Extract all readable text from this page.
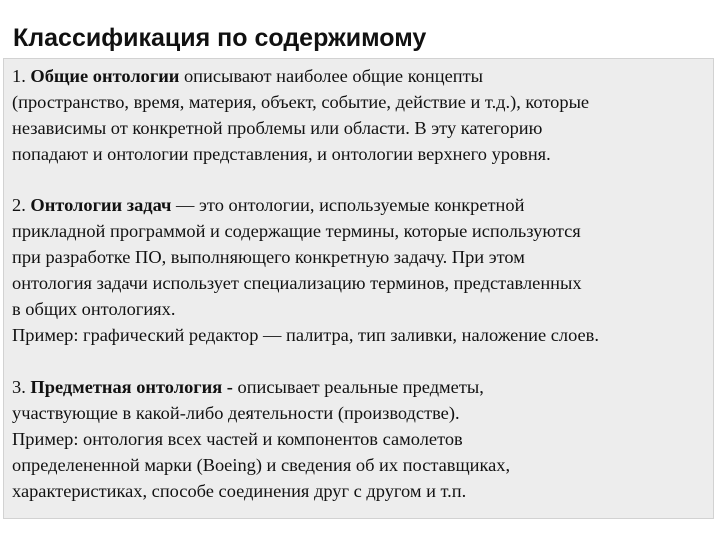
Классификация по содержимому

1. Общие онтологии описывают наиболее общие концепты
(пространство, время, материя, объект, событие, действие и т.д.), которые
независимы от конкретной проблемы или области. В эту категорию
попадают и онтологии представления, и онтологии верхнего уровня.

2. Онтологии задач — это онтологии, используемые конкретной
прикладной программой и содержащие термины, которые используются
при разработке ПО, выполняющего конкретную задачу. При этом
онтология задачи использует специализацию терминов, представленных
в общих онтологиях.
Пример: графический редактор — палитра, тип заливки, наложение слоев.

3. Предметная онтология - описывает реальные предметы,
участвующие в какой-либо деятельности (производстве).
Пример: онтология всех частей и компонентов самолетов
определененной марки (Boeing) и сведения об их поставщиках,
характеристиках, способе соединения друг с другом и т.п.
